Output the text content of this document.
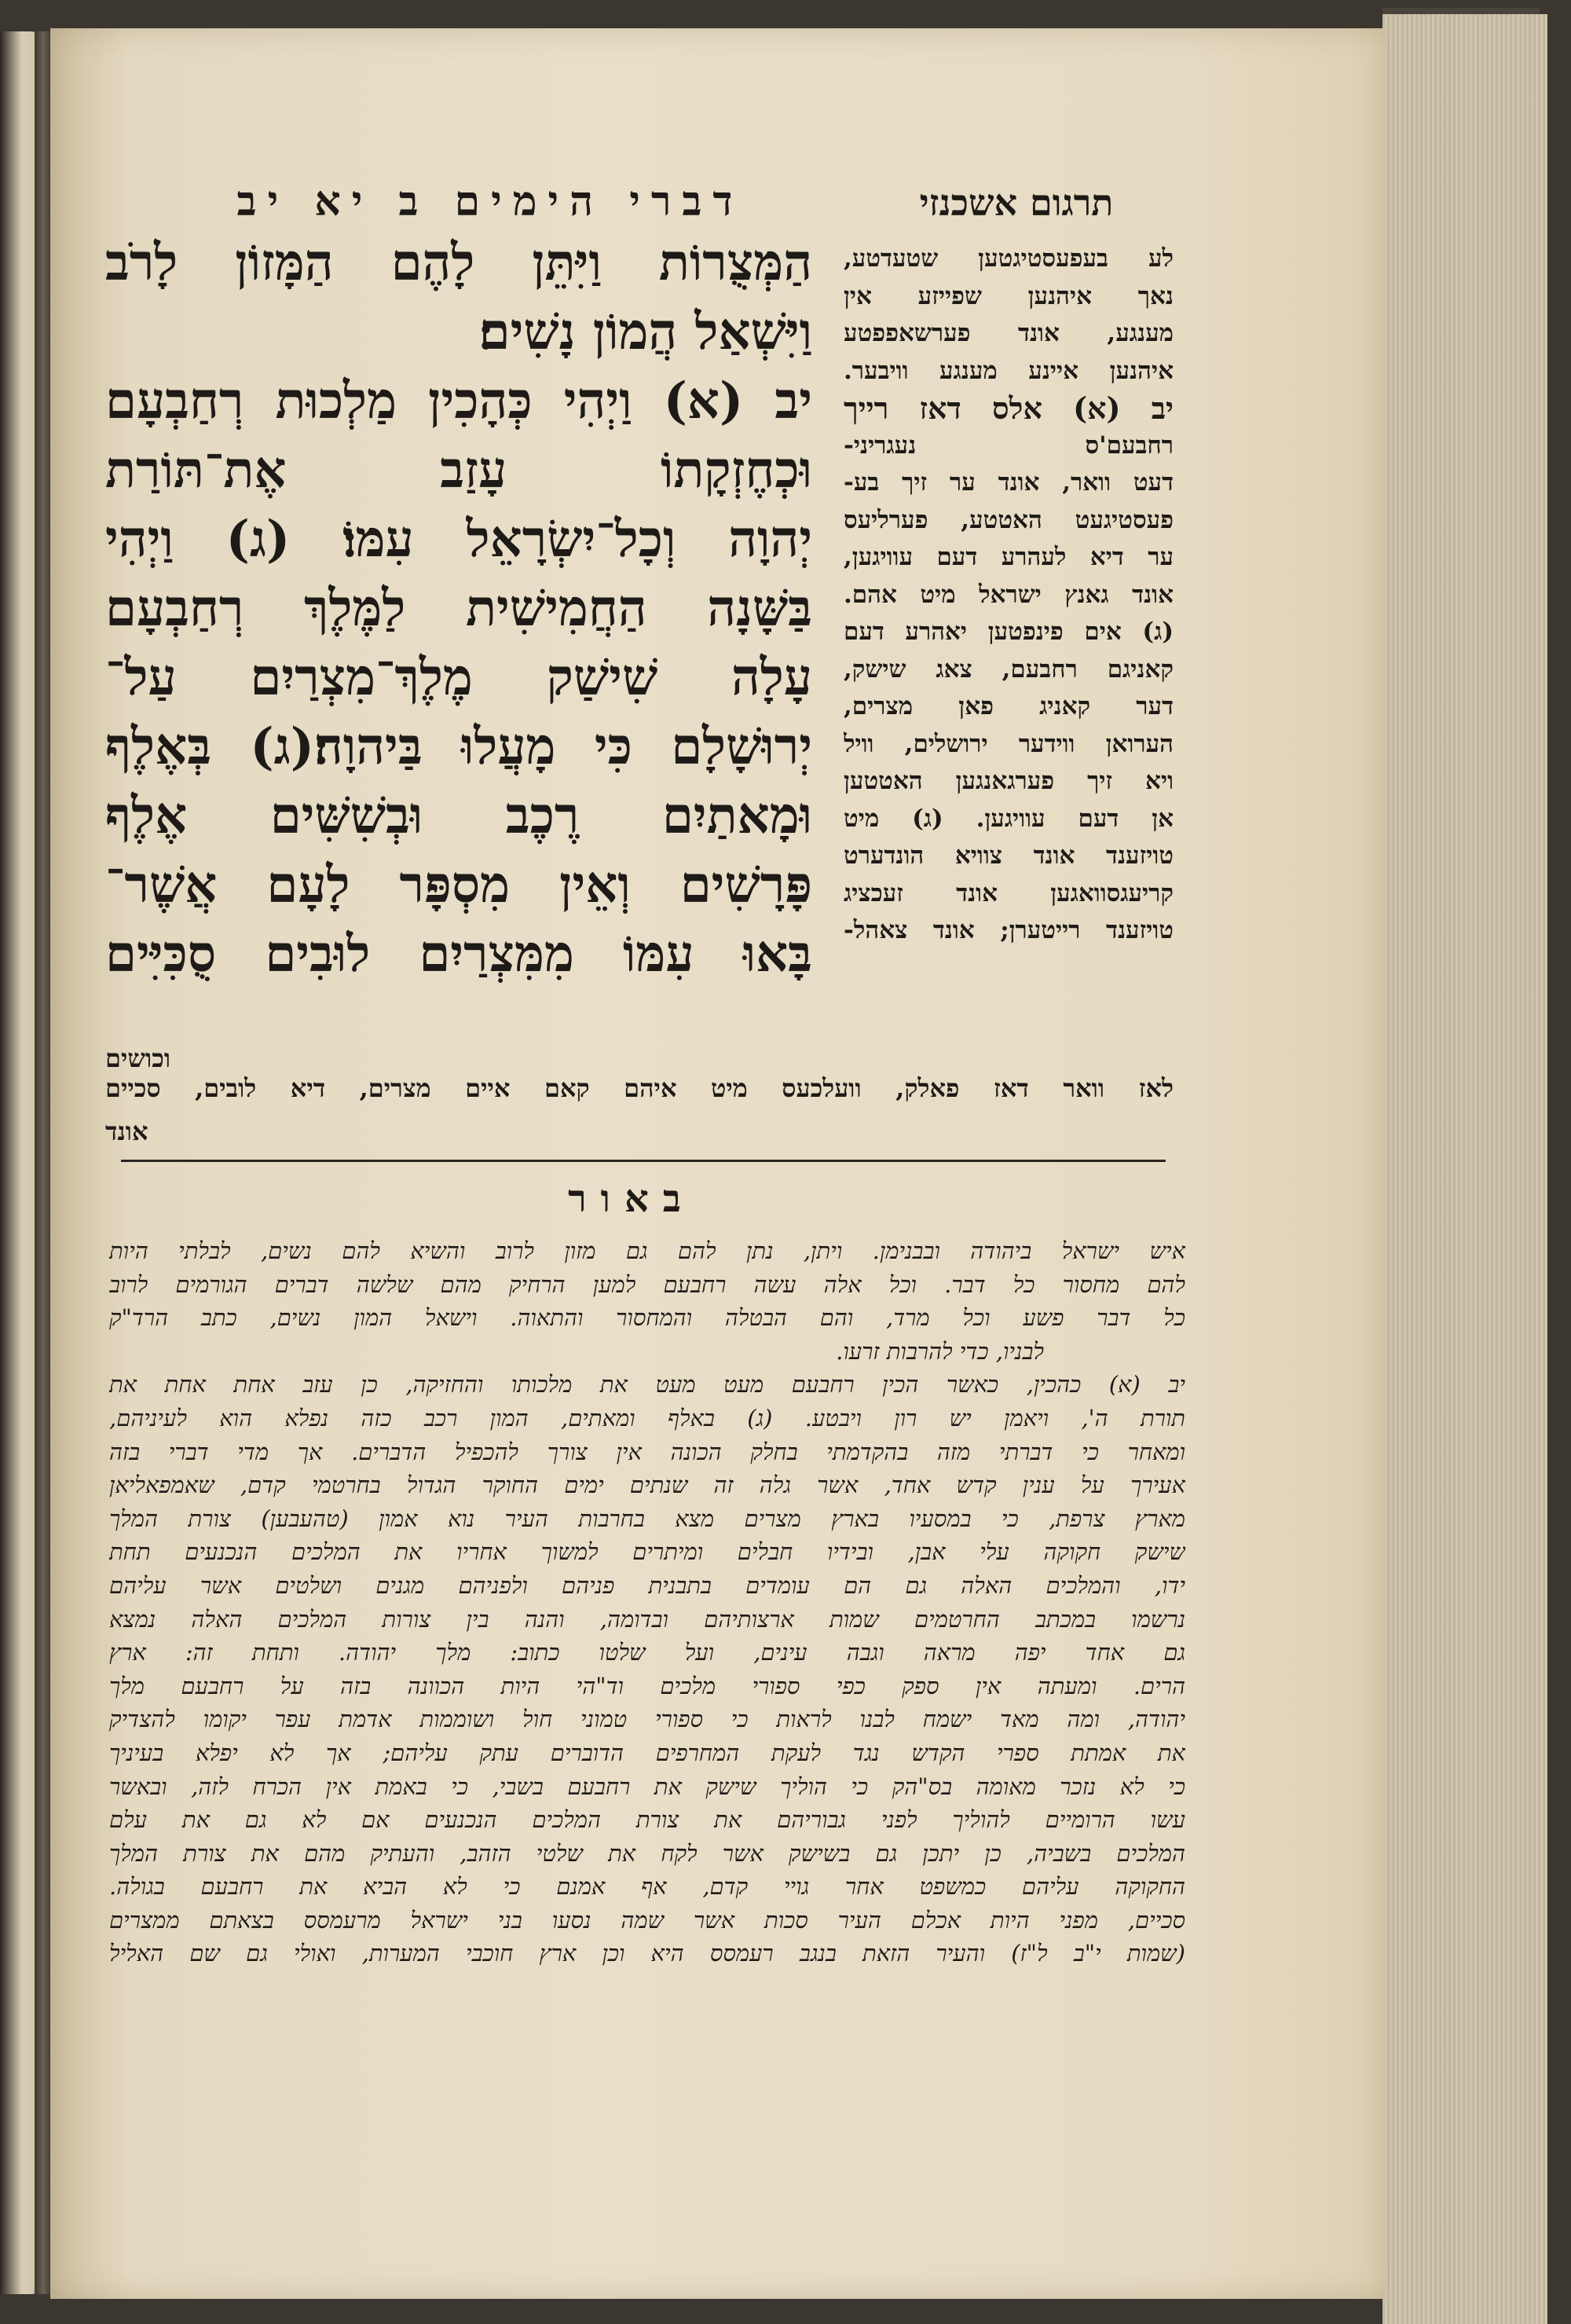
דברי הימים ב יא יב	תרגום אשכנזי
הַמְּצֻרוֹת וַיִּתֵּן לָהֶם הַמָּזוֹן לָרֹב
וַיִּשְׁאַל הֲמוֹן נָשִׁים׃
יב (א) וַיְהִי כְּהָכִין מַלְכוּת רְחַבְעָם
וּכְחֶזְקָתוֹ עָזַב אֶת־תּוֹרַת
יְהוָה וְכָל־יִשְׂרָאֵל עִמּוֹ׃ (ג) וַיְהִי
בַּשָּׁנָה הַחֲמִישִׁית לַמֶּלֶךְ רְחַבְעָם
עָלָה שִׁישַׁק מֶלֶךְ־מִצְרַיִם עַל־
יְרוּשָׁלָם כִּי מָעֲלוּ בַּיהוָה׃(ג) בְּאֶלֶף
וּמָאתַיִם רֶכֶב וּבְשִׁשִּׁים אֶלֶף
פָּרָשִׁים וְאֵין מִסְפָּר לָעָם אֲשֶׁר־
בָּאוּ עִמּוֹ מִמִּצְרַיִם לוּבִים סֻכִּיִּים
וכושים
לע בעפעסטיגטען שטעדטע,
נאך איהנען שפייזע אין
מענגע, אונד פערשאפפטע
איהנען איינע מענגע וויבער.
יב (א) אלס דאז רייך
רחבעם'ס נעגריני-
דעט וואר, אונד ער זיך בע-
פעסטיגעט האטטע, פערליעס
ער דיא לעהרע דעם עוויגען,
אונד גאנץ ישראל מיט אהם.
(ג) אים פינפטען יאהרע דעם
קאניגם רחבעם, צאג שישק,
דער קאניג פאן מצרים,
הערואן ווידער ירושלים, וויל
ויא זיך פערגאנגען האטטען
אן דעם עוויגען. (ג) מיט
טויזענד אונד צוויא הונדערט
קריעגסוואגען אונד זעכציג
טויזענד רייטערן; אונד צאהל-
לאז וואר דאז פאלק, וועלכעס מיט איהם קאם איים מצרים, דיא לובים, סכיים
אונד
באור
איש ישראל ביהודה ובבנימן. ויתן, נתן להם גם מזון לרוב והשיא להם נשים, לבלתי היות
להם מחסור כל דבר. וכל אלה עשה רחבעם למען הרחיק מהם שלשה דברים הגורמים לרוב
כל דבר פשע וכל מרד, והם הבטלה והמחסור והתאוה. וישאל המון נשים, כתב הרד"ק
לבניו, כדי להרבות זרעו.
יב (א) כהכין, כאשר הכין רחבעם מעט מעט את מלכותו והחזיקה, כן עזב אחת אחת את
תורת ה', ויאמן יש רון ויבטע. (ג) באלף ומאתים, המון רכב כזה נפלא הוא לעיניהם,
ומאחר כי דברתי מזה בהקדמתי בחלק הכונה אין צורך להכפיל הדברים. אך מדי דברי בזה
אעירך על ענין קדש אחד, אשר גלה זה שנתים ימים החוקר הגדול בחרטמי קדם, שאמפאליאן
מארץ צרפת, כי במסעיו בארץ מצרים מצא בחרבות העיר נוא אמון (טהעבען) צורת המלך
שישק חקוקה עלי אבן, ובידיו חבלים ומיתרים למשוך אחריו את המלכים הנכנעים תחת
ידו, והמלכים האלה גם הם עומדים בתבנית פניהם ולפניהם מגנים ושלטים אשר עליהם
נרשמו במכתב החרטמים שמות ארצותיהם ובדומה, והנה בין צורות המלכים האלה נמצא
גם אחד יפה מראה וגבה עינים, ועל שלטו כתוב: מלך יהודה. ותחת זה: ארץ
הרים. ומעתה אין ספק כפי ספורי מלכים וד"הי היות הכוונה בזה על רחבעם מלך
יהודה, ומה מאד ישמח לבנו לראות כי ספורי טמוני חול ושוממות אדמת עפר יקומו להצדיק
את אמתת ספרי הקדש נגד לעקת המחרפים הדוברים עתק עליהם; אך לא יפלא בעיניך
כי לא נזכר מאומה בס"הק כי הוליך שישק את רחבעם בשבי, כי באמת אין הכרח לזה, ובאשר
עשו הרומיים להוליך לפני גבוריהם את צורת המלכים הנכנעים אם לא גם את עלם
המלכים בשביה, כן יתכן גם בשישק אשר לקח את שלטי הזהב, והעתיק מהם את צורת המלך
החקוקה עליהם כמשפט אחר גויי קדם, אף אמנם כי לא הביא את רחבעם בגולה.
סכיים, מפני היות אכלם העיר סכות אשר שמה נסעו בני ישראל מרעמסס בצאתם ממצרים
(שמות י"ב ל"ז) והעיר הזאת בנגב רעמסס היא וכן ארץ חוכבי המערות, ואולי גם שם האליל
